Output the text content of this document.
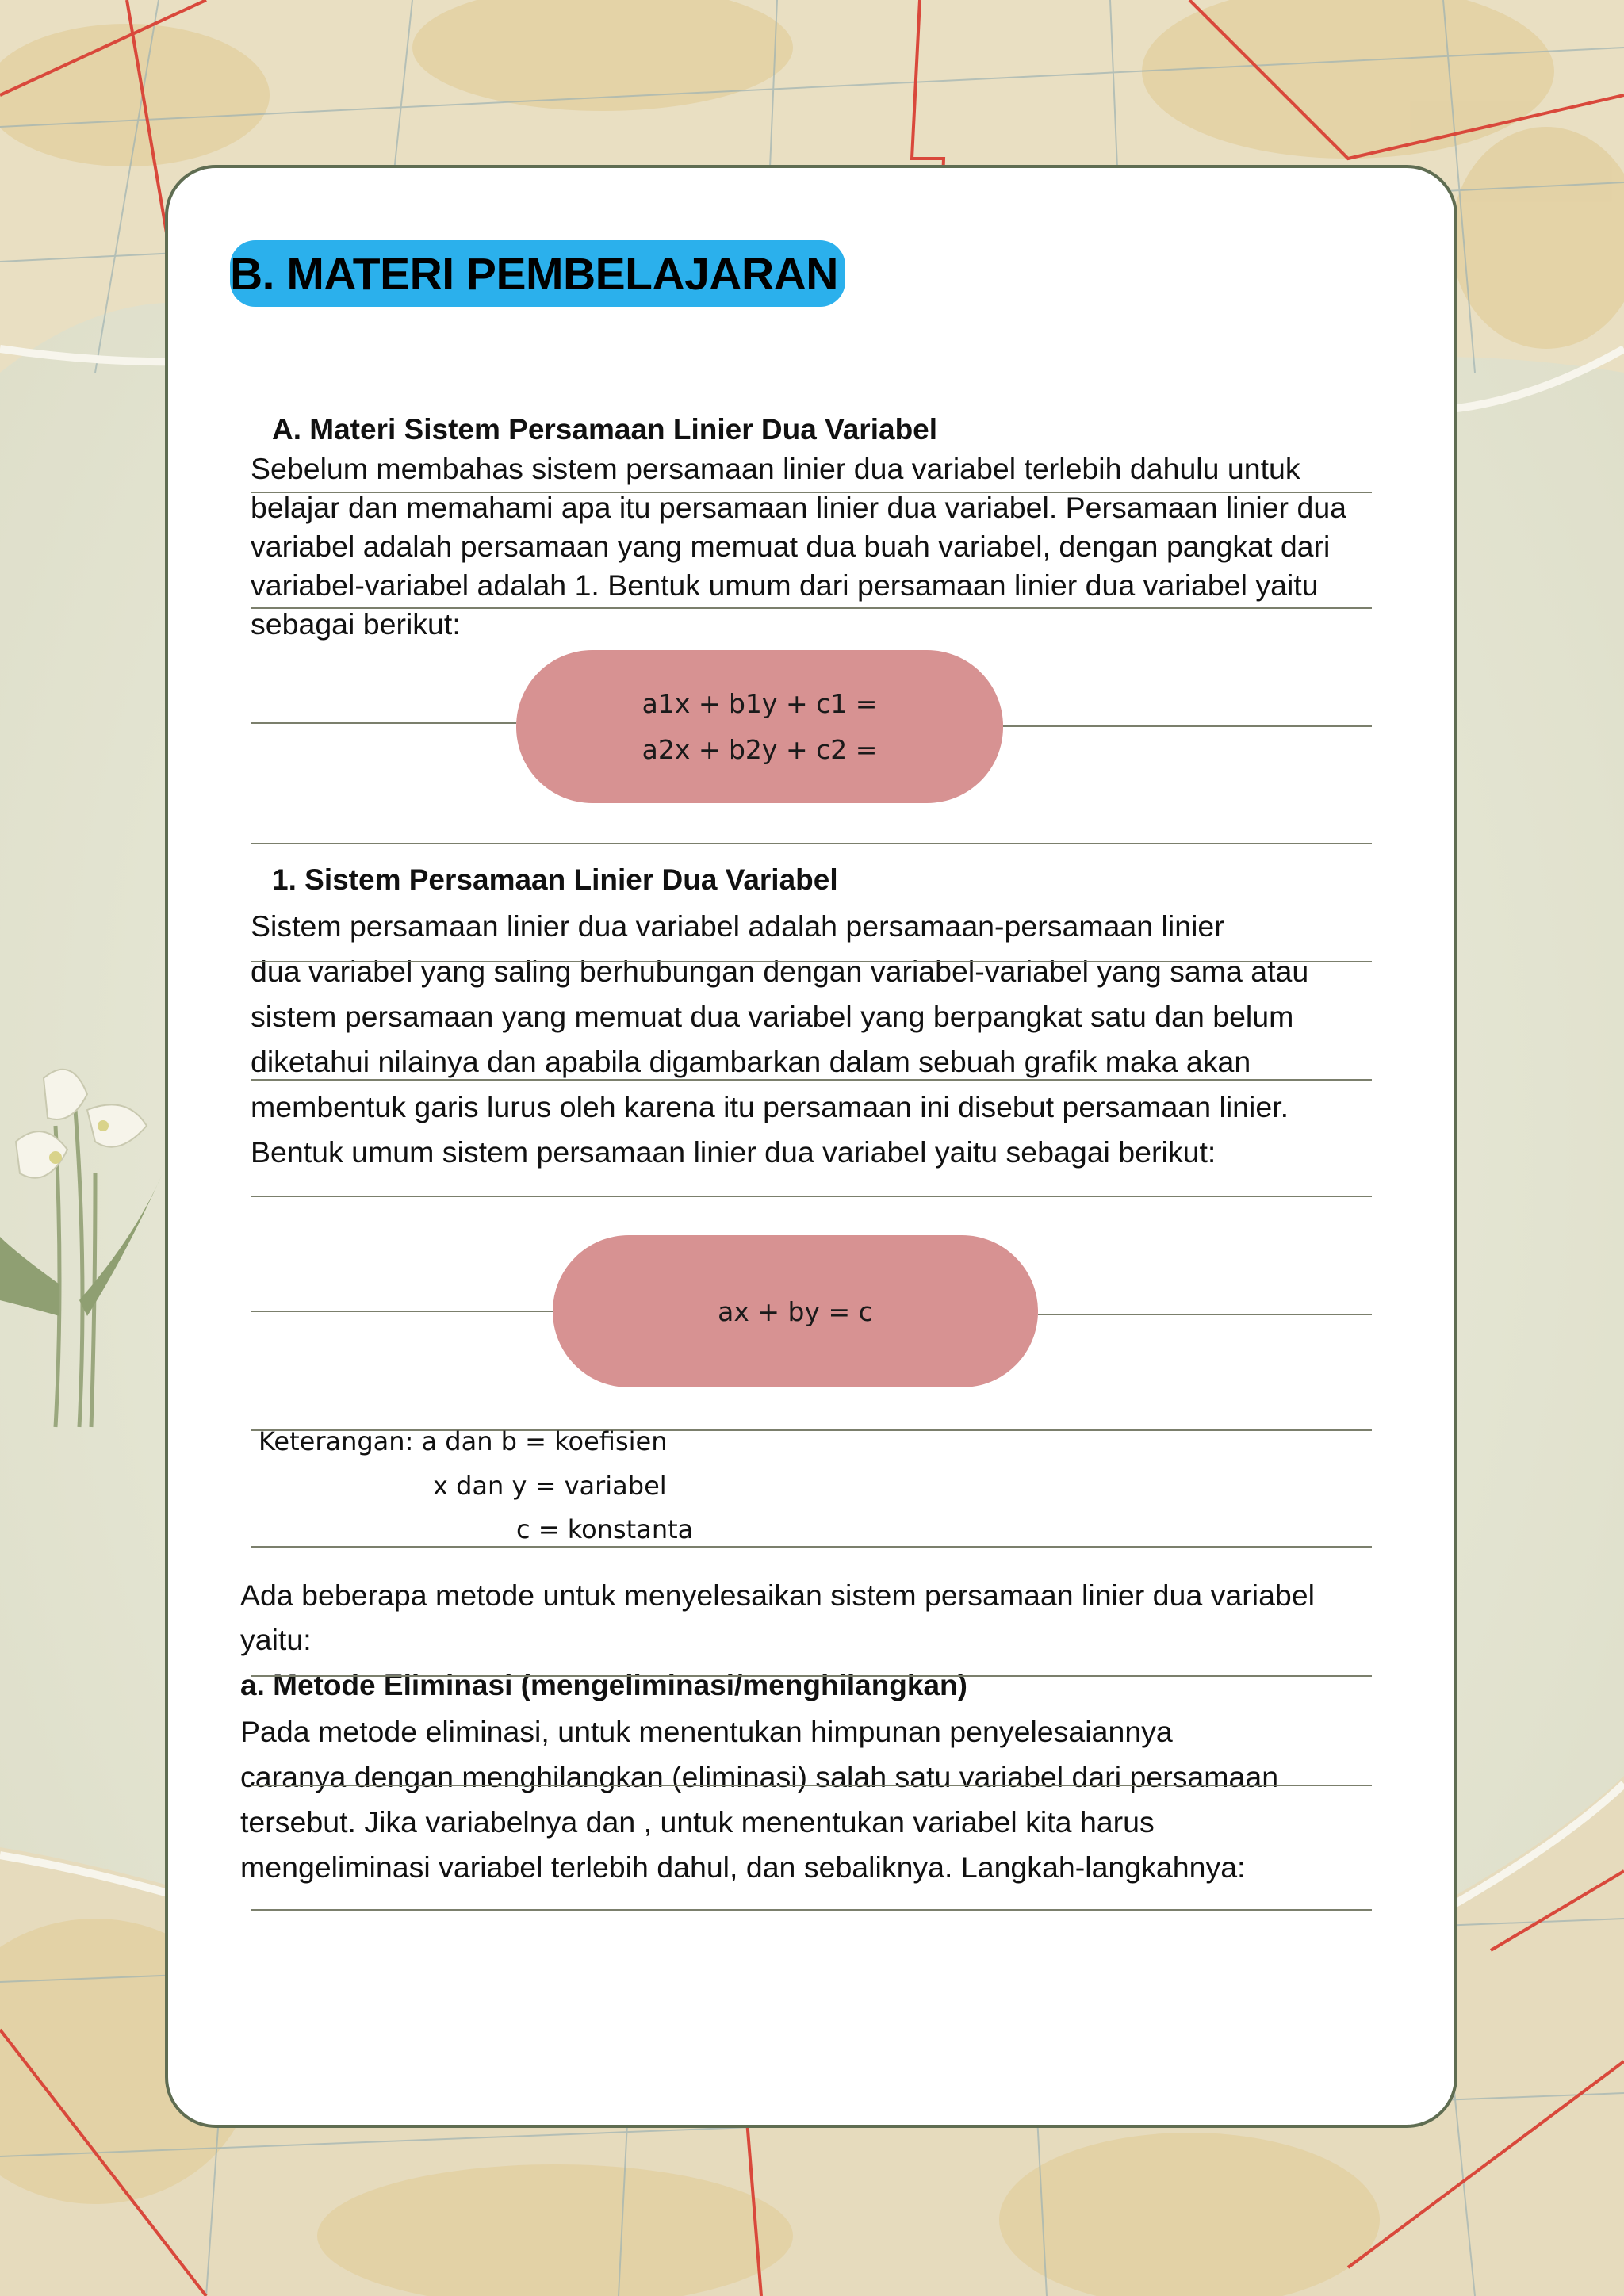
B. MATERI PEMBELAJARAN
A. Materi Sistem Persamaan Linier Dua Variabel
Sebelum membahas sistem persamaan linier dua variabel terlebih dahulu untuk
belajar dan memahami apa itu persamaan linier dua variabel. Persamaan linier dua
variabel adalah persamaan yang memuat dua buah variabel, dengan pangkat dari
variabel-variabel adalah 1. Bentuk umum dari persamaan linier dua variabel yaitu
sebagai berikut:
a1x + b1y + c1 =
a2x + b2y + c2 =
1. Sistem Persamaan Linier Dua Variabel
Sistem persamaan linier dua variabel adalah persamaan-persamaan linier
dua variabel yang saling berhubungan dengan variabel-variabel yang sama atau
sistem persamaan yang memuat dua variabel yang berpangkat satu dan belum
diketahui nilainya dan apabila digambarkan dalam sebuah grafik maka akan
membentuk garis lurus oleh karena itu persamaan ini disebut persamaan linier.
Bentuk umum sistem persamaan linier dua variabel yaitu sebagai berikut:
ax + by = c
Keterangan: a dan b = koefisien
x dan y = variabel
c = konstanta
Ada beberapa metode untuk menyelesaikan sistem persamaan linier dua variabel
yaitu:
a. Metode Eliminasi (mengeliminasi/menghilangkan)
Pada metode eliminasi, untuk menentukan himpunan penyelesaiannya
caranya dengan menghilangkan (eliminasi) salah satu variabel dari persamaan
tersebut. Jika variabelnya dan , untuk menentukan variabel kita harus
mengeliminasi variabel terlebih dahul, dan sebaliknya. Langkah-langkahnya:
